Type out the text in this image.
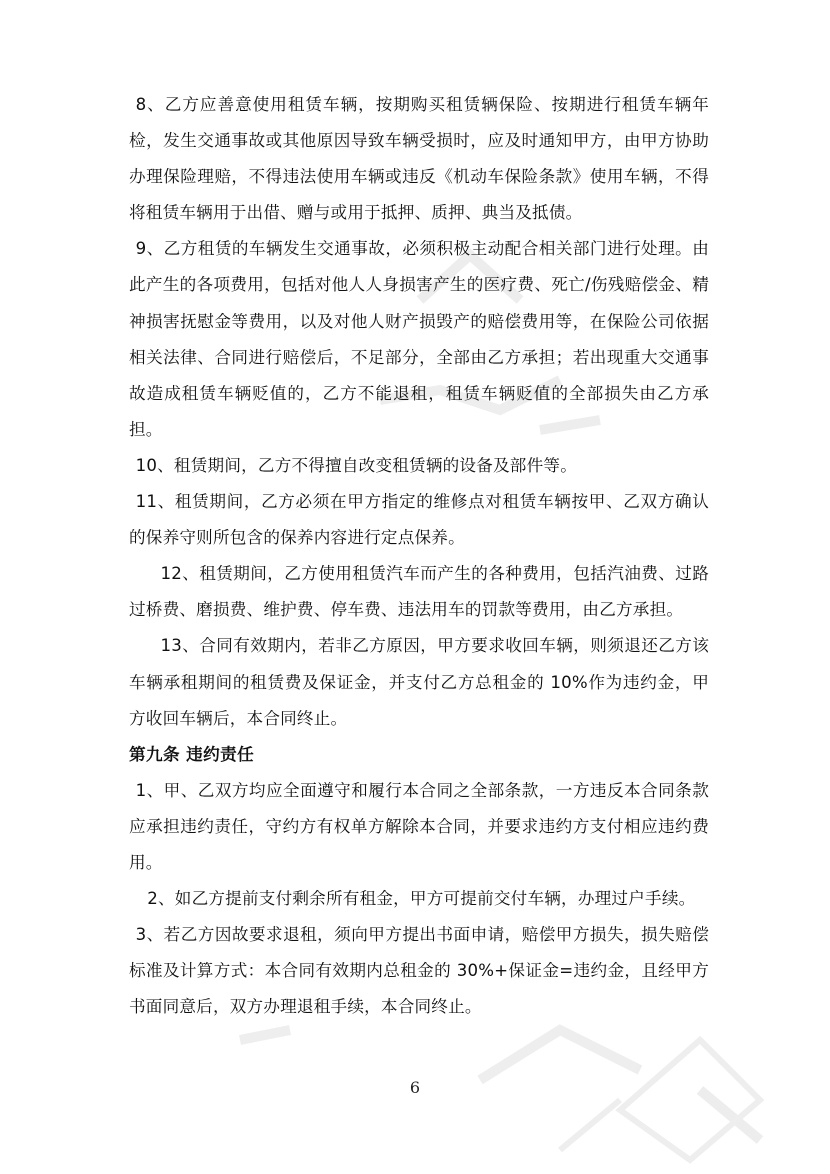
8、乙方应善意使用租赁车辆，按期购买租赁辆保险、按期进行租赁车辆年检，发生交通事故或其他原因导致车辆受损时，应及时通知甲方，由甲方协助办理保险理赔，不得违法使用车辆或违反《机动车保险条款》使用车辆，不得将租赁车辆用于出借、赠与或用于抵押、质押、典当及抵债。

9、乙方租赁的车辆发生交通事故，必须积极主动配合相关部门进行处理。由此产生的各项费用，包括对他人人身损害产生的医疗费、死亡/伤残赔偿金、精神损害抚慰金等费用，以及对他人财产损毁产的赔偿费用等，在保险公司依据相关法律、合同进行赔偿后，不足部分，全部由乙方承担；若出现重大交通事故造成租赁车辆贬值的，乙方不能退租，租赁车辆贬值的全部损失由乙方承担。

10、租赁期间，乙方不得擅自改变租赁辆的设备及部件等。

11、租赁期间，乙方必须在甲方指定的维修点对租赁车辆按甲、乙双方确认的保养守则所包含的保养内容进行定点保养。

12、租赁期间，乙方使用租赁汽车而产生的各种费用，包括汽油费、过路过桥费、磨损费、维护费、停车费、违法用车的罚款等费用，由乙方承担。

13、合同有效期内，若非乙方原因，甲方要求收回车辆，则须退还乙方该车辆承租期间的租赁费及保证金，并支付乙方总租金的 10%作为违约金，甲方收回车辆后，本合同终止。

第九条 违约责任

1、甲、乙双方均应全面遵守和履行本合同之全部条款，一方违反本合同条款应承担违约责任，守约方有权单方解除本合同，并要求违约方支付相应违约费用。

2、如乙方提前支付剩余所有租金，甲方可提前交付车辆，办理过户手续。

3、若乙方因故要求退租，须向甲方提出书面申请，赔偿甲方损失，损失赔偿标准及计算方式：本合同有效期内总租金的 30%+保证金=违约金，且经甲方书面同意后，双方办理退租手续，本合同终止。

6
